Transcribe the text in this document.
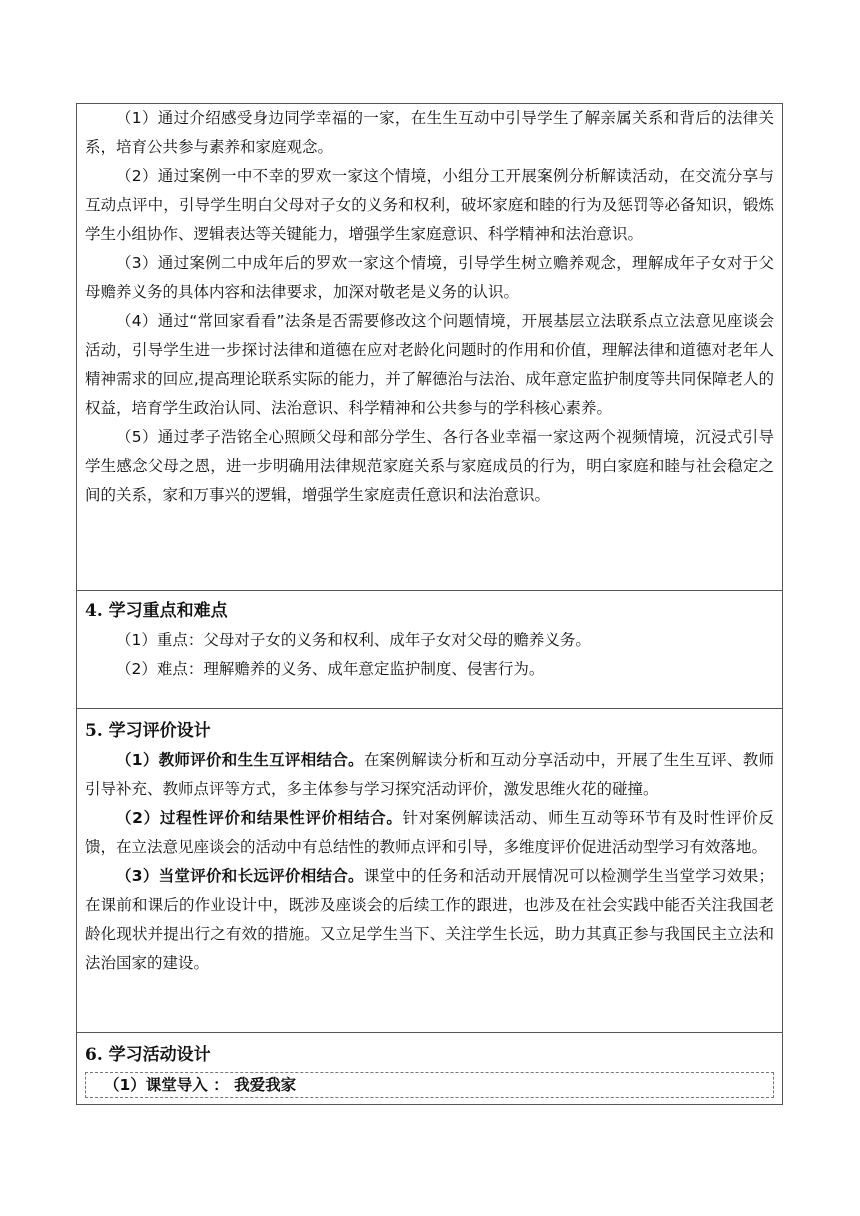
（1）通过介绍感受身边同学幸福的一家，在生生互动中引导学生了解亲属关系和背后的法律关系，培育公共参与素养和家庭观念。

（2）通过案例一中不幸的罗欢一家这个情境，小组分工开展案例分析解读活动，在交流分享与互动点评中，引导学生明白父母对子女的义务和权利，破坏家庭和睦的行为及惩罚等必备知识，锻炼学生小组协作、逻辑表达等关键能力，增强学生家庭意识、科学精神和法治意识。

（3）通过案例二中成年后的罗欢一家这个情境，引导学生树立赡养观念，理解成年子女对于父母赡养义务的具体内容和法律要求，加深对敬老是义务的认识。

（4）通过“常回家看看”法条是否需要修改这个问题情境，开展基层立法联系点立法意见座谈会活动，引导学生进一步探讨法律和道德在应对老龄化问题时的作用和价值，理解法律和道德对老年人精神需求的回应,提高理论联系实际的能力，并了解德治与法治、成年意定监护制度等共同保障老人的权益，培育学生政治认同、法治意识、科学精神和公共参与的学科核心素养。

（5）通过孝子浩铭全心照顾父母和部分学生、各行各业幸福一家这两个视频情境，沉浸式引导学生感念父母之恩，进一步明确用法律规范家庭关系与家庭成员的行为，明白家庭和睦与社会稳定之间的关系，家和万事兴的逻辑，增强学生家庭责任意识和法治意识。

4. 学习重点和难点

（1）重点：父母对子女的义务和权利、成年子女对父母的赡养义务。

（2）难点：理解赡养的义务、成年意定监护制度、侵害行为。

5. 学习评价设计

（1）教师评价和生生互评相结合。在案例解读分析和互动分享活动中，开展了生生互评、教师引导补充、教师点评等方式，多主体参与学习探究活动评价，激发思维火花的碰撞。

（2）过程性评价和结果性评价相结合。针对案例解读活动、师生互动等环节有及时性评价反馈，在立法意见座谈会的活动中有总结性的教师点评和引导，多维度评价促进活动型学习有效落地。

（3）当堂评价和长远评价相结合。课堂中的任务和活动开展情况可以检测学生当堂学习效果；在课前和课后的作业设计中，既涉及座谈会的后续工作的跟进，也涉及在社会实践中能否关注我国老龄化现状并提出行之有效的措施。又立足学生当下、关注学生长远，助力其真正参与我国民主立法和法治国家的建设。

6. 学习活动设计
（1）课堂导入 ： 我爱我家
